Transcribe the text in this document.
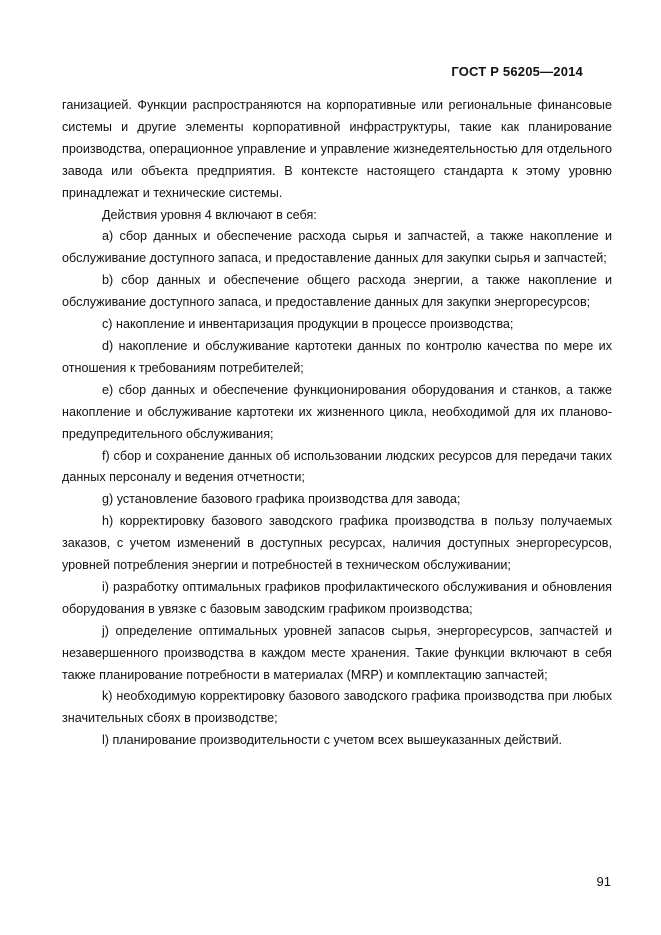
ГОСТ Р 56205—2014

ганизацией. Функции распространяются на корпоративные или региональные финансовые системы и другие элементы корпоративной инфраструктуры, такие как планирование производства, операционное управление и управление жизнедеятельностью для отдельного завода или объекта предприятия. В контексте настоящего стандарта к этому уровню принадлежат и технические системы.

Действия уровня 4 включают в себя:

a) сбор данных и обеспечение расхода сырья и запчастей, а также накопление и обслуживание доступного запаса, и предоставление данных для закупки сырья и запчастей;

b) сбор данных и обеспечение общего расхода энергии, а также накопление и обслуживание доступного запаса, и предоставление данных для закупки энергоресурсов;

c) накопление и инвентаризация продукции в процессе производства;

d) накопление и обслуживание картотеки данных по контролю качества по мере их отношения к требованиям потребителей;

e) сбор данных и обеспечение функционирования оборудования и станков, а также накопление и обслуживание картотеки их жизненного цикла, необходимой для их планово-предупредительного обслуживания;

f) сбор и сохранение данных об использовании людских ресурсов для передачи таких данных персоналу и ведения отчетности;

g) установление базового графика производства для завода;

h) корректировку базового заводского графика производства в пользу получаемых заказов, с учетом изменений в доступных ресурсах, наличия доступных энергоресурсов, уровней потребления энергии и потребностей в техническом обслуживании;

i) разработку оптимальных графиков профилактического обслуживания и обновления оборудования в увязке с базовым заводским графиком производства;

j) определение оптимальных уровней запасов сырья, энергоресурсов, запчастей и незавершенного производства в каждом месте хранения. Такие функции включают в себя также планирование потребности в материалах (MRP) и комплектацию запчастей;

k) необходимую корректировку базового заводского графика производства при любых значительных сбоях в производстве;

l) планирование производительности с учетом всех вышеуказанных действий.

91
